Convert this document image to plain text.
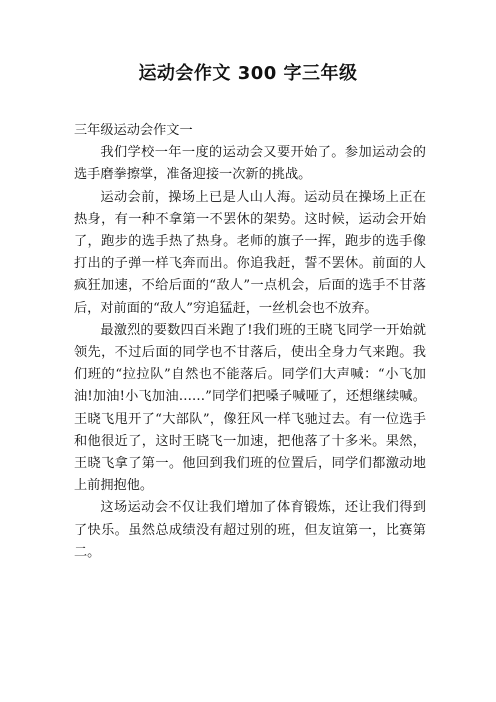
运动会作文 300 字三年级

三年级运动会作文一

我们学校一年一度的运动会又要开始了。参加运动会的选手磨拳擦掌，准备迎接一次新的挑战。

运动会前，操场上已是人山人海。运动员在操场上正在热身，有一种不拿第一不罢休的架势。这时候，运动会开始了，跑步的选手热了热身。老师的旗子一挥，跑步的选手像打出的子弹一样飞奔而出。你追我赶，誓不罢休。前面的人疯狂加速，不给后面的“敌人”一点机会，后面的选手不甘落后，对前面的“敌人”穷追猛赶，一丝机会也不放弃。

最激烈的要数四百米跑了!我们班的王晓飞同学一开始就领先，不过后面的同学也不甘落后，使出全身力气来跑。我们班的“拉拉队”自然也不能落后。同学们大声喊：“小飞加油!加油!小飞加油……”同学们把嗓子喊哑了，还想继续喊。王晓飞甩开了“大部队”，像狂风一样飞驰过去。有一位选手和他很近了，这时王晓飞一加速，把他落了十多米。果然，王晓飞拿了第一。他回到我们班的位置后，同学们都激动地上前拥抱他。

这场运动会不仅让我们增加了体育锻炼，还让我们得到了快乐。虽然总成绩没有超过别的班，但友谊第一，比赛第二。
